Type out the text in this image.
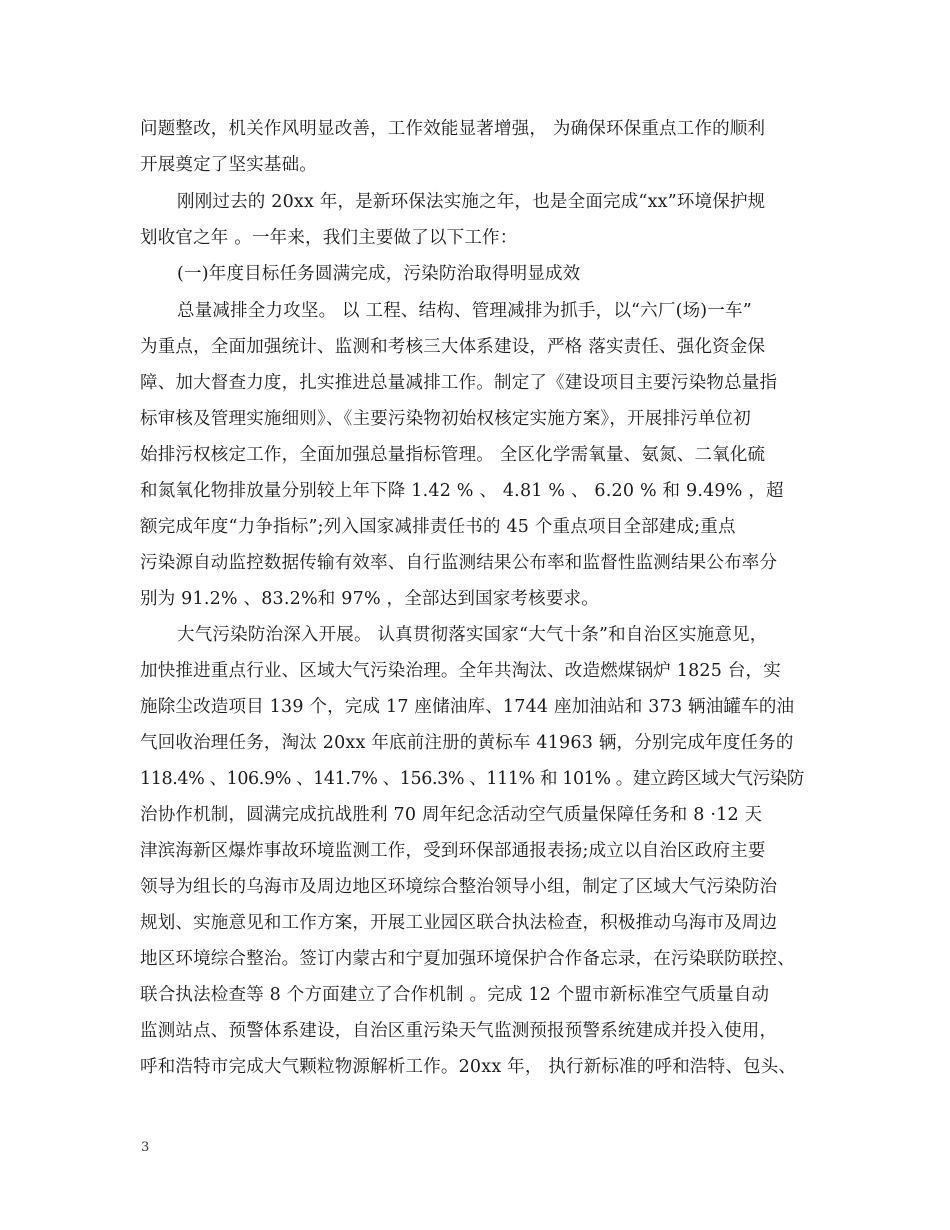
问题整改，机关作风明显改善，工作效能显著增强， 为确保环保重点工作的顺利
开展奠定了坚实基础。
刚刚过去的 20xx 年，是新环保法实施之年，也是全面完成“xx”环境保护规
划收官之年 。一年来，我们主要做了以下工作：
(一)年度目标任务圆满完成，污染防治取得明显成效
总量减排全力攻坚。 以 工程、结构、管理减排为抓手，以“六厂(场)一车”
为重点，全面加强统计、监测和考核三大体系建设，严格 落实责任、强化资金保
障、加大督查力度，扎实推进总量减排工作。制定了《建设项目主要污染物总量指
标审核及管理实施细则》、《主要污染物初始权核定实施方案》，开展排污单位初
始排污权核定工作，全面加强总量指标管理。 全区化学需氧量、氨氮、二氧化硫
和氮氧化物排放量分别较上年下降 1.42 % 、 4.81 % 、 6.20 % 和 9.49% ，超
额完成年度“力争指标”;列入国家减排责任书的 45 个重点项目全部建成;重点
污染源自动监控数据传输有效率、自行监测结果公布率和监督性监测结果公布率分
别为 91.2% 、83.2%和 97% ，全部达到国家考核要求。
大气污染防治深入开展。 认真贯彻落实国家“大气十条”和自治区实施意见，
加快推进重点行业、区域大气污染治理。全年共淘汰、改造燃煤锅炉 1825 台，实
施除尘改造项目 139 个，完成 17 座储油库、1744 座加油站和 373 辆油罐车的油
气回收治理任务，淘汰 20xx 年底前注册的黄标车 41963 辆，分别完成年度任务的
118.4% 、106.9% 、141.7% 、156.3% 、111% 和 101% 。建立跨区域大气污染防
治协作机制，圆满完成抗战胜利 70 周年纪念活动空气质量保障任务和 8 ·12 天
津滨海新区爆炸事故环境监测工作，受到环保部通报表扬;成立以自治区政府主要
领导为组长的乌海市及周边地区环境综合整治领导小组，制定了区域大气污染防治
规划、实施意见和工作方案，开展工业园区联合执法检查，积极推动乌海市及周边
地区环境综合整治。签订内蒙古和宁夏加强环境保护合作备忘录，在污染联防联控、
联合执法检查等 8 个方面建立了合作机制 。完成 12 个盟市新标准空气质量自动
监测站点、预警体系建设，自治区重污染天气监测预报预警系统建成并投入使用，
呼和浩特市完成大气颗粒物源解析工作。20xx 年， 执行新标准的呼和浩特、包头、
3
